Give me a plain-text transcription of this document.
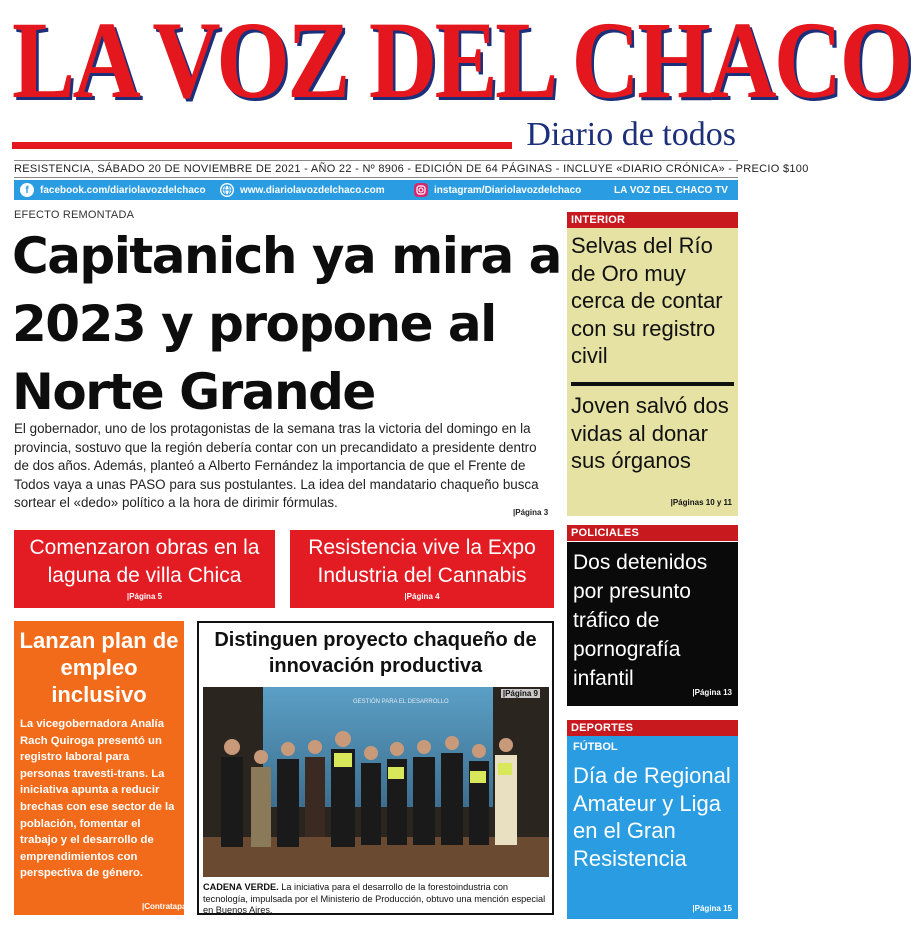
LA VOZ DEL CHACO
Diario de todos
RESISTENCIA, SÁBADO 20 DE NOVIEMBRE DE 2021 - AÑO 22 - Nº 8906 - EDICIÓN DE 64 PÁGINAS - INCLUYE «DIARIO CRÓNICA» - PRECIO $100
f	facebook.com/diariolavozdelchaco	www.diariolavozdelchaco.com	instagram/Diariolavozdelchaco	LA VOZ DEL CHACO TV
EFECTO REMONTADA
Capitanich ya mira a 2023 y propone al Norte Grande

El gobernador, uno de los protagonistas de la semana tras la victoria del domingo en la provincia, sostuvo que la región debería contar con un precandidato a presidente dentro de dos años. Además, planteó a Alberto Fernández la importancia de que el Frente de Todos vaya a unas PASO para sus postulantes. La idea del mandatario chaqueño busca sortear el «dedo» político a la hora de dirimir fórmulas.

|Página 3
Comenzaron obras en la laguna de villa Chica
|Página 5
Resistencia vive la Expo Industria del Cannabis
|Página 4
Lanzan plan de empleo inclusivo
La vicegobernadora Analía Rach Quiroga presentó un registro laboral para personas travesti-trans. La iniciativa apunta a reducir brechas con ese sector de la población, fomentar el trabajo y el desarrollo de emprendimientos con perspectiva de género.
|Contratapa
Distinguen proyecto chaqueño de innovación productiva
GESTIÓN PARA EL DESARROLLO
|Página 9
CADENA VERDE. La iniciativa para el desarrollo de la forestoindustria con tecnología, impulsada por el Ministerio de Producción, obtuvo una mención especial en Buenos Aires.
INTERIOR
Selvas del Río de Oro muy cerca de contar con su registro civil
Joven salvó dos vidas al donar sus órganos
|Páginas 10 y 11
POLICIALES
Dos detenidos por presunto tráfico de pornografía infantil
|Página 13
DEPORTES
FÚTBOL
Día de Regional Amateur y Liga en el Gran Resistencia
|Página 15
